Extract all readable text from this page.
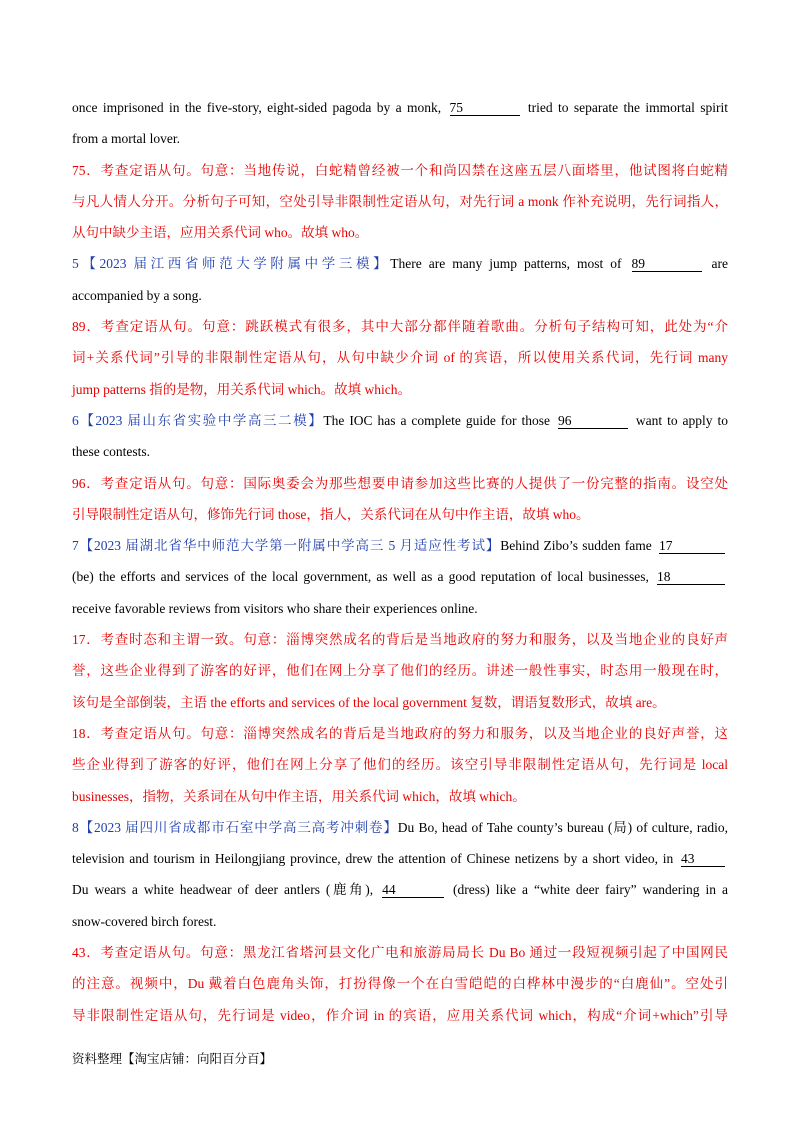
once imprisoned in the five-story, eight-sided pagoda by a monk, 75	tried to separate the immortal spirit
from a mortal lover.
75．考查定语从句。句意：当地传说，白蛇精曾经被一个和尚囚禁在这座五层八面塔里，他试图将白蛇精
与凡人情人分开。分析句子可知，空处引导非限制性定语从句，对先行词 a monk 作补充说明，先行词指人，
从句中缺少主语，应用关系代词 who。故填 who。
5【2023 届江西省师范大学附属中学三模】There are many jump patterns, most of 89	are
accompanied by a song.
89．考查定语从句。句意：跳跃模式有很多，其中大部分都伴随着歌曲。分析句子结构可知，此处为“介
词+关系代词”引导的非限制性定语从句，从句中缺少介词 of 的宾语，所以使用关系代词，先行词 many
jump patterns 指的是物，用关系代词 which。故填 which。
6【2023 届山东省实验中学高三二模】The IOC has a complete guide for those 96	want to apply to
these contests.
96．考查定语从句。句意：国际奥委会为那些想要申请参加这些比赛的人提供了一份完整的指南。设空处
引导限制性定语从句，修饰先行词 those，指人，关系代词在从句中作主语，故填 who。
7【2023 届湖北省华中师范大学第一附属中学高三 5 月适应性考试】Behind Zibo’s sudden fame 17
(be) the efforts and services of the local government, as well as a good reputation of local businesses, 18
receive favorable reviews from visitors who share their experiences online.
17．考查时态和主谓一致。句意：淄博突然成名的背后是当地政府的努力和服务，以及当地企业的良好声
誉，这些企业得到了游客的好评，他们在网上分享了他们的经历。讲述一般性事实，时态用一般现在时，
该句是全部倒装，主语 the efforts and services of the local government 复数，谓语复数形式，故填 are。
18．考查定语从句。句意：淄博突然成名的背后是当地政府的努力和服务，以及当地企业的良好声誉，这
些企业得到了游客的好评，他们在网上分享了他们的经历。该空引导非限制性定语从句，先行词是 local
businesses，指物，关系词在从句中作主语，用关系代词 which，故填 which。
8【2023 届四川省成都市石室中学高三高考冲刺卷】Du Bo, head of Tahe county’s bureau (局) of culture, radio,
television and tourism in Heilongjiang province, drew the attention of Chinese netizens by a short video, in 43
Du wears a white headwear of deer antlers (鹿角), 44	(dress) like a “white deer fairy” wandering in a
snow-covered birch forest.
43．考查定语从句。句意：黑龙江省塔河县文化广电和旅游局局长 Du Bo 通过一段短视频引起了中国网民
的注意。视频中，Du 戴着白色鹿角头饰，打扮得像一个在白雪皑皑的白桦林中漫步的“白鹿仙”。空处引
导非限制性定语从句，先行词是 video，作介词 in 的宾语，应用关系代词 which，构成“介词+which”引导
资料整理【淘宝店铺：向阳百分百】
